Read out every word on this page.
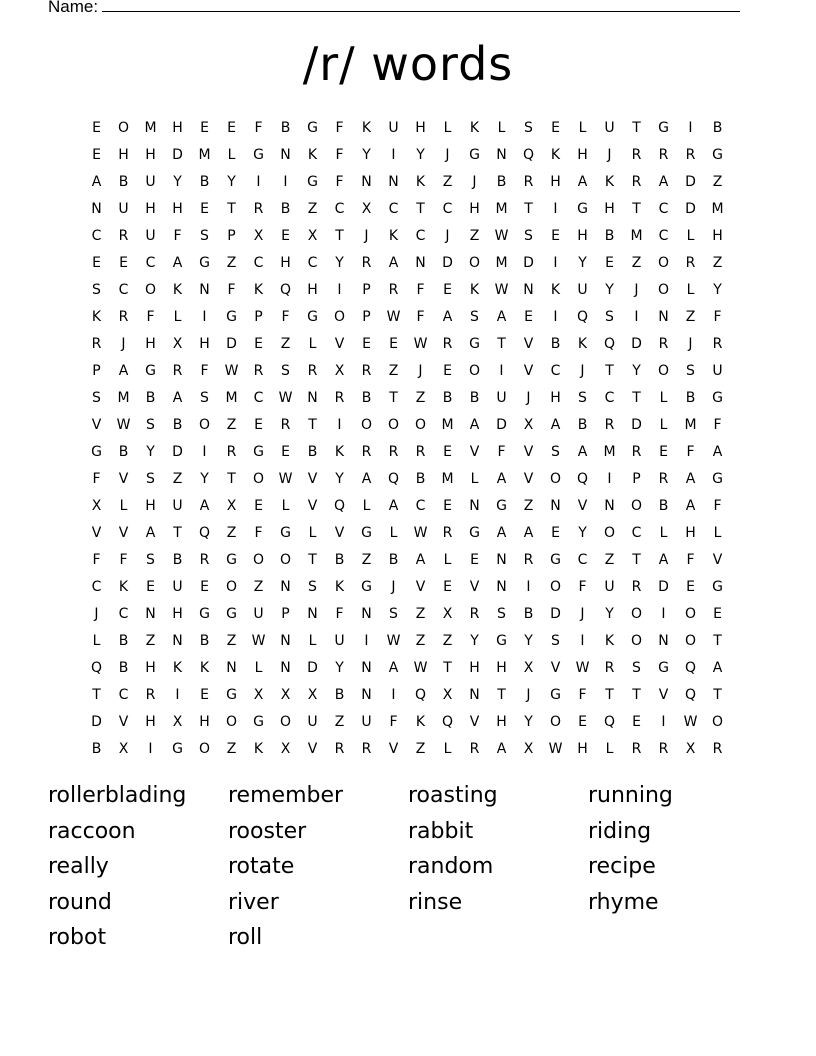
Name:
/r/ words
E	O	M	H	E	E	F	B	G	F	K	U	H	L	K	L	S	E	L	U	T	G	I	B
E	H	H	D	M	L	G	N	K	F	Y	I	Y	J	G	N	Q	K	H	J	R	R	R	G
A	B	U	Y	B	Y	I	I	G	F	N	N	K	Z	J	B	R	H	A	K	R	A	D	Z
N	U	H	H	E	T	R	B	Z	C	X	C	T	C	H	M	T	I	G	H	T	C	D	M
C	R	U	F	S	P	X	E	X	T	J	K	C	J	Z	W	S	E	H	B	M	C	L	H
E	E	C	A	G	Z	C	H	C	Y	R	A	N	D	O	M	D	I	Y	E	Z	O	R	Z
S	C	O	K	N	F	K	Q	H	I	P	R	F	E	K	W	N	K	U	Y	J	O	L	Y
K	R	F	L	I	G	P	F	G	O	P	W	F	A	S	A	E	I	Q	S	I	N	Z	F
R	J	H	X	H	D	E	Z	L	V	E	E	W	R	G	T	V	B	K	Q	D	R	J	R
P	A	G	R	F	W	R	S	R	X	R	Z	J	E	O	I	V	C	J	T	Y	O	S	U
S	M	B	A	S	M	C	W	N	R	B	T	Z	B	B	U	J	H	S	C	T	L	B	G
V	W	S	B	O	Z	E	R	T	I	O	O	O	M	A	D	X	A	B	R	D	L	M	F
G	B	Y	D	I	R	G	E	B	K	R	R	R	E	V	F	V	S	A	M	R	E	F	A
F	V	S	Z	Y	T	O	W	V	Y	A	Q	B	M	L	A	V	O	Q	I	P	R	A	G
X	L	H	U	A	X	E	L	V	Q	L	A	C	E	N	G	Z	N	V	N	O	B	A	F
V	V	A	T	Q	Z	F	G	L	V	G	L	W	R	G	A	A	E	Y	O	C	L	H	L
F	F	S	B	R	G	O	O	T	B	Z	B	A	L	E	N	R	G	C	Z	T	A	F	V
C	K	E	U	E	O	Z	N	S	K	G	J	V	E	V	N	I	O	F	U	R	D	E	G
J	C	N	H	G	G	U	P	N	F	N	S	Z	X	R	S	B	D	J	Y	O	I	O	E
L	B	Z	N	B	Z	W	N	L	U	I	W	Z	Z	Y	G	Y	S	I	K	O	N	O	T
Q	B	H	K	K	N	L	N	D	Y	N	A	W	T	H	H	X	V	W	R	S	G	Q	A
T	C	R	I	E	G	X	X	X	B	N	I	Q	X	N	T	J	G	F	T	T	V	Q	T
D	V	H	X	H	O	G	O	U	Z	U	F	K	Q	V	H	Y	O	E	Q	E	I	W	O
B	X	I	G	O	Z	K	X	V	R	R	V	Z	L	R	A	X	W	H	L	R	R	X	R
rollerblading	remember	roasting	running
raccoon	rooster	rabbit	riding
really	rotate	random	recipe
round	river	rinse	rhyme
robot	roll
